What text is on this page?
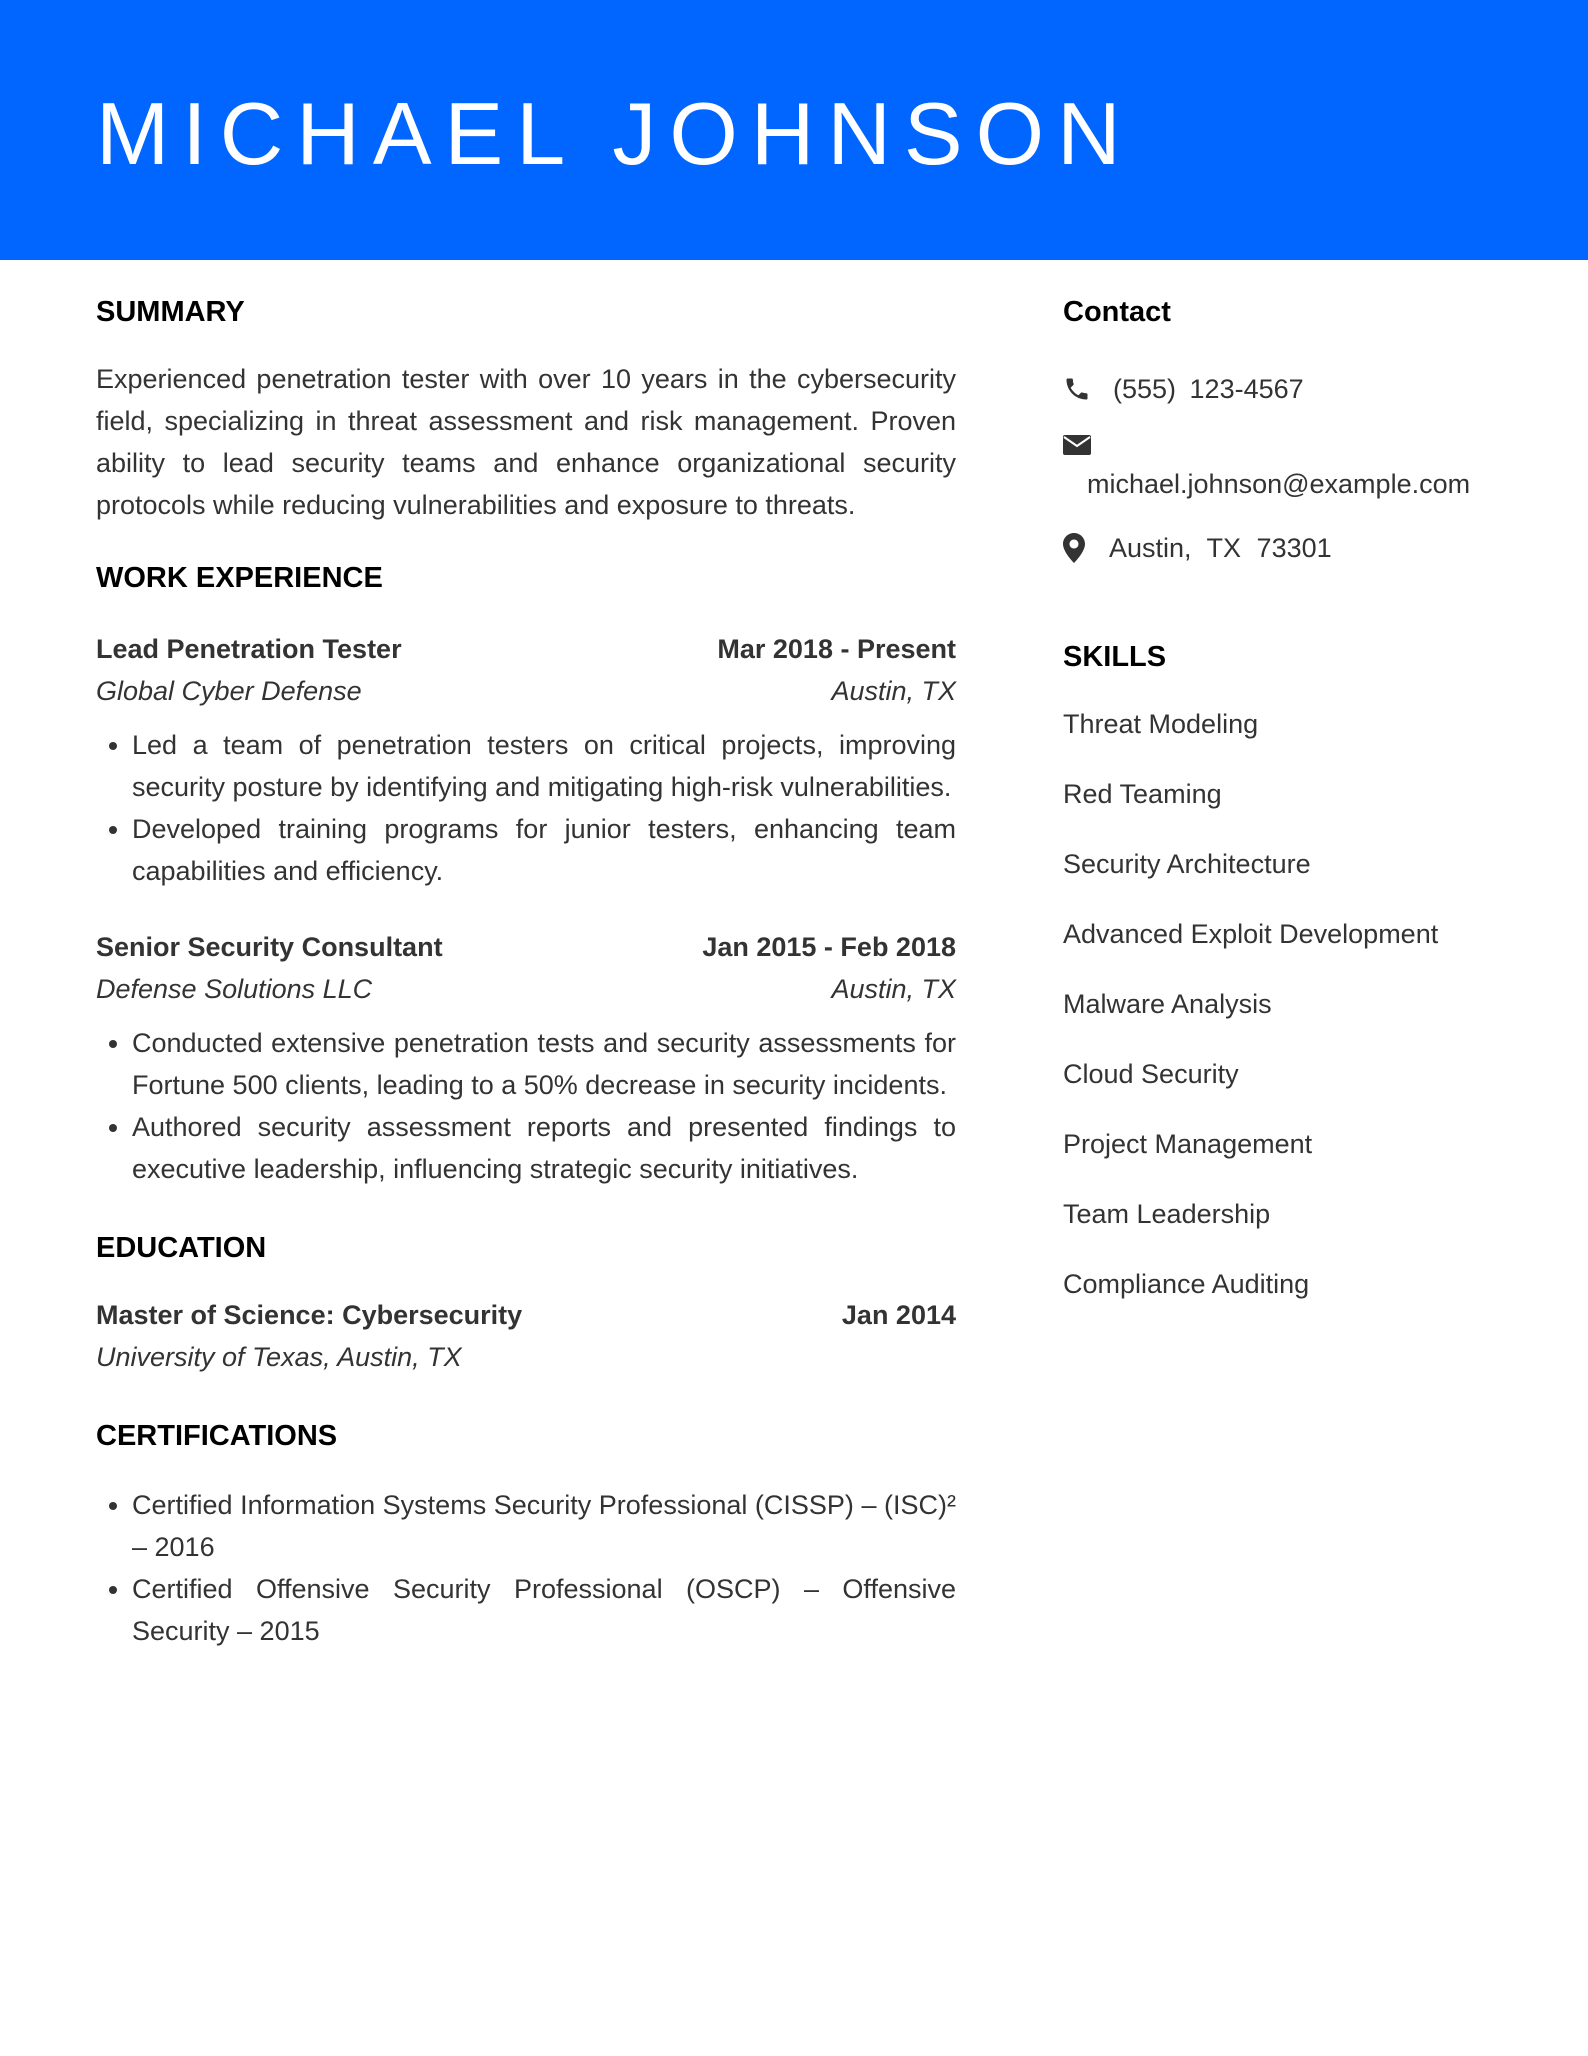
MICHAEL JOHNSON
SUMMARY

Experienced penetration tester with over 10 years in the cybersecurity field, specializing in threat assessment and risk management. Proven ability to lead security teams and enhance organizational security protocols while reducing vulnerabilities and exposure to threats.

WORK EXPERIENCE
Lead Penetration Tester	Mar 2018 - Present
Global Cyber Defense	Austin, TX
• Led a team of penetration testers on critical projects, improving security posture by identifying and mitigating high-risk vulnerabilities.
• Developed training programs for junior testers, enhancing team capabilities and efficiency.
Senior Security Consultant	Jan 2015 - Feb 2018
Defense Solutions LLC	Austin, TX
• Conducted extensive penetration tests and security assessments for Fortune 500 clients, leading to a 50% decrease in security incidents.
• Authored security assessment reports and presented findings to executive leadership, influencing strategic security initiatives.
EDUCATION
Master of Science: Cybersecurity	Jan 2014
University of Texas, Austin, TX
CERTIFICATIONS
• Certified Information Systems Security Professional (CISSP) – (ISC)² – 2016
• Certified Offensive Security Professional (OSCP) – Offensive Security – 2015
Contact
(555) 123-4567
michael.johnson@example.com
Austin, TX 73301
SKILLS
Threat Modeling
Red Teaming
Security Architecture
Advanced Exploit Development
Malware Analysis
Cloud Security
Project Management
Team Leadership
Compliance Auditing
